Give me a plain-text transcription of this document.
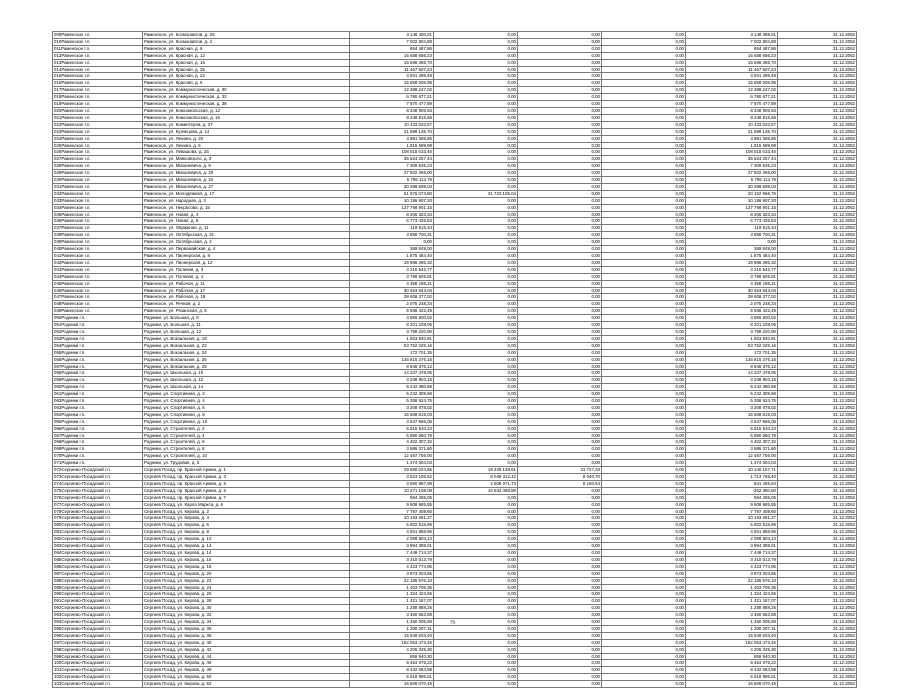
009Раменское г.п.	Раменское, ул. Космонавтов, д. 29	3 148 400,01	0,00	0,00	0,00	3 148 399,01	31.12.2052
010Раменское г.п.	Раменское, ул. Космонавтов, д. 2	7 002 804,88	0,00	0,00	0,00	7 002 804,88	31.12.2052
011Раменское г.п.	Раменское, ул. Красная, д. 6	854 487,86	0,00	0,00	0,00	854 487,86	31.12.2052
012Раменское г.п.	Раменское, ул. Красная, д. 12	16 658 656,23	0,00	0,00	0,00	16 658 656,23	31.12.2052
013Раменское г.п.	Раменское, ул. Красная, д. 16	15 698 365,70	0,00	0,00	0,00	15 698 365,70	31.12.2052
014Раменское г.п.	Раменское, ул. Красная, д. 26	11 467 607,23	0,00	0,00	0,00	11 467 607,23	31.12.2052
015Раменское г.п.	Раменское, ул. Красная, д. 22	3 931 288,48	0,00	0,00	0,00	3 931 288,48	31.12.2052
016Раменское г.п.	Раменское, ул. Красная, д. 6	15 858 006,99	0,00	0,00	0,00	15 858 006,99	31.12.2052
017Раменское г.п.	Раменское, ул. Коммунистическая, д. 30	12 388 247,02	0,00	0,00	0,00	12 388 247,02	31.12.2052
018Раменское г.п.	Раменское, ул. Коммунистическая, д. 32	6 780 677,21	0,00	0,00	0,00	6 780 677,21	31.12.2052
019Раменское г.п.	Раменское, ул. Коммунистическая, д. 38	7 870 477,89	0,00	0,00	0,00	7 870 477,89	31.12.2052
020Раменское г.п.	Раменское, ул. Комсомольская, д. 12	8 348 905,63	0,00	0,00	0,00	8 348 905,63	31.12.2052
021Раменское г.п.	Раменское, ул. Комсомольская, д. 16	9 248 915,66	0,00	0,00	0,00	9 248 915,66	31.12.2052
022Раменское г.п.	Раменское, ул. Коминтерна, д. 27	10 433 833,57	0,00	0,00	0,00	10 433 833,57	31.12.2052
023Раменское г.п.	Раменское, ул. Кузнецова, д. 14	21 588 135,70	0,00	0,00	0,00	21 588 135,70	31.12.2052
024Раменское г.п.	Раменское, ул. Ленина, д. 20	3 981 085,86	0,00	0,00	0,00	3 981 085,86	31.12.2052
025Раменское г.п.	Раменское, ул. Ленина, д. 5	1 815 599,99	0,00	0,00	0,00	1 815 599,99	31.12.2052
026Раменское г.п.	Раменское, ул. Левашова, д. 25	108 015 033,45	0,00	0,00	0,00	108 015 033,45	31.12.2052
027Раменское г.п.	Раменское, ул. Маяковского, д. 3	35 524 257,44	0,00	0,00	0,00	35 524 257,44	31.12.2052
028Раменское г.п.	Раменское, ул. Михалевича, д. 8	7 309 535,23	0,00	0,00	0,00	7 309 535,23	31.12.2052
029Раменское г.п.	Раменское, ул. Михалевича, д. 20	27 602 365,00	0,00	0,00	0,00	27 602 365,00	31.12.2052
030Раменское г.п.	Раменское, ул. Михалевича, д. 24	5 795 113,78	0,00	0,00	0,00	5 795 113,78	31.12.2052
031Раменское г.п.	Раменское, ул. Михалевича, д. 27	30 398 599,03	0,00	0,00	0,00	30 398 599,03	31.12.2052
032Раменское г.п.	Раменское, ул. Молодёжная, д. 17	51 876 073,80	31 723 105,04	0,00	0,00	20 152 968,76	31.12.2052
033Раменское г.п.	Раменское, ул. Народная, д. 3	10 186 907,20	0,00	0,00	0,00	10 186 907,20	31.12.2052
034Раменское г.п.	Раменское, ул. Некрасова, д. 15	127 798 901,15	0,00	0,00	0,00	127 798 901,15	31.12.2052
035Раменское г.п.	Раменское, ул. Новая, д. 4	8 206 323,34	0,00	0,00	0,00	8 206 323,34	31.12.2052
036Раменское г.п.	Раменское, ул. Новая, д. 6	6 773 439,53	0,00	0,00	0,00	6 773 439,53	31.12.2052
037Раменское г.п.	Раменское, ул. Овражная, д. 11	119 515,34	0,00	0,00	0,00	119 515,34	31.12.2052
038Раменское г.п.	Раменское, ул. Октябрьская, д. 21	3 858 700,31	0,00	0,00	0,00	3 858 700,31	31.12.2052
039Раменское г.п.	Раменское, ул. Октябрьская, д. 2	0,00	0,00	0,00	0,00	0,00	31.12.2052
040Раменское г.п.	Раменское, ул. Первомайская, д. 4	369 848,00	0,00	0,00	0,00	369 848,00	31.12.2052
041Раменское г.п.	Раменское, ул. Пионерская, д. 8	1 875 484,40	0,00	0,00	0,00	1 875 484,40	31.12.2052
042Раменское г.п.	Раменское, ул. Пионерская, д. 12	19 988 395,32	0,00	0,00	0,00	19 988 395,32	31.12.2052
043Раменское г.п.	Раменское, ул. Полевая, д. 3	3 210 542,77	0,00	0,00	0,00	3 210 542,77	31.12.2052
044Раменское г.п.	Раменское, ул. Полевая, д. 4	3 799 925,91	0,00	0,00	0,00	3 799 925,91	31.12.2052
045Раменское г.п.	Раменское, ул. Рабочая, д. 11	4 358 198,21	0,00	0,00	0,00	4 358 198,21	31.12.2052
046Раменское г.п.	Раменское, ул. Рабочая, д. 17	30 463 843,04	0,00	0,00	0,00	30 463 843,04	31.12.2052
047Раменское г.п.	Раменское, ул. Рабочая, д. 18	28 608 377,02	0,00	0,00	0,00	28 608 377,02	31.12.2052
048Раменское г.п.	Раменское, ул. Речная, д. 2	2 075 248,34	0,00	0,00	0,00	2 075 248,34	31.12.2052
049Раменское г.п.	Раменское, ул. Рязанская, д. 8	5 935 423,49	0,00	0,00	0,00	5 935 423,49	31.12.2052
050Родники г.п.	Родники, ул. Большая, д. 8	3 865 600,02	0,00	0,00	0,00	3 865 600,02	31.12.2052
051Родники г.п.	Родники, ул. Большая, д. 11	8 201 228,06	0,00	0,00	0,00	8 201 228,06	31.12.2052
052Родники г.п.	Родники, ул. Большая, д. 12	3 798 220,90	0,00	0,00	0,00	3 798 220,90	31.12.2052
053Родники г.п.	Родники, ул. Вокзальная, д. 18	1 823 840,91	0,00	0,00	0,00	1 823 840,91	31.12.2052
054Родники г.п.	Родники, ул. Вокзальная, д. 22	53 752 325,16	0,00	0,00	0,00	53 752 325,16	31.12.2052
055Родники г.п.	Родники, ул. Вокзальная, д. 24	172 701,35	0,00	0,00	0,00	172 701,35	31.12.2052
056Родники г.п.	Родники, ул. Вокзальная, д. 26	145 815 376,15	0,00	0,00	0,00	145 815 376,15	31.12.2052
057Родники г.п.	Родники, ул. Вокзальная, д. 28	8 846 376,12	0,00	0,00	0,00	8 846 376,12	31.12.2052
058Родники г.п.	Родники, ул. Школьная, д. 10	14 337 478,05	0,00	0,00	0,00	14 337 478,05	31.12.2052
059Родники г.п.	Родники, ул. Школьная, д. 12	3 239 803,18	0,00	0,00	0,00	3 239 803,18	31.12.2052
060Родники г.п.	Родники, ул. Школьная, д. 14	5 242 380,88	0,00	0,00	0,00	5 242 380,88	31.12.2052
061Родники г.п.	Родники, ул. Спортивная, д. 2	5 242 309,98	0,00	0,00	0,00	5 242 309,98	31.12.2052
062Родники г.п.	Родники, ул. Спортивная, д. 4	5 358 624,75	0,00	0,00	0,00	5 358 624,75	31.12.2052
063Родники г.п.	Родники, ул. Спортивная, д. 6	3 208 078,02	0,00	0,00	0,00	3 208 078,02	31.12.2052
064Родники г.п.	Родники, ул. Спортивная, д. 8	16 608 819,03	0,00	0,00	0,00	16 608 819,03	31.12.2052
065Родники г.п.	Родники, ул. Спортивная, д. 10	3 547 686,05	0,00	0,00	0,00	3 547 686,05	31.12.2052
066Родники г.п.	Родники, ул. Строителей, д. 2	5 815 910,23	0,00	0,00	0,00	5 815 910,23	31.12.2052
067Родники г.п.	Родники, ул. Строителей, д. 4	5 980 550,79	0,00	0,00	0,00	5 980 550,79	31.12.2052
068Родники г.п.	Родники, ул. Строителей, д. 6	4 402 307,32	0,00	0,00	0,00	4 402 307,32	31.12.2052
069Родники г.п.	Родники, ул. Строителей, д. 8	3 586 371,60	0,00	0,00	0,00	3 586 371,60	31.12.2052
070Родники г.п.	Родники, ул. Строителей, д. 10	12 487 756,00	0,00	0,00	0,00	12 487 756,00	31.12.2052
071Родники г.п.	Родники, ул. Трудовая, д. 5	1 374 004,03	0,00	0,00	0,00	1 374 004,03	31.12.2052
072Сергиево-Посадский г.п.	Сергиев Посад, пр. Красной Армии, д. 1	29 580 024,65	19 428 139,61	11 727,33	0,00	10 140 157,71	31.12.2052
073Сергиево-Посадский г.п.	Сергиев Посад, пр. Красной Армии, д. 3	3 823 106,52	8 049 312,42	8 040,70	0,00	1 713 765,40	31.12.2052
074Сергиево-Посадский г.п.	Сергиев Посад, пр. Красной Армии, д. 5	3 850 987,98	2 508 071,73	8 160,54	0,00	841 465,84	31.12.2052
075Сергиево-Посадский г.п.	Сергиев Посад, пр. Красной Армии, д. 6	10 271 108,08	10 533 498,88	0,00	0,00	-262 390,80	31.12.2052
076Сергиево-Посадский г.п.	Сергиев Посад, пр. Красной Армии, д. 7	584 495,05	0,00	0,00	0,00	584 495,05	31.12.2052
077Сергиево-Посадский г.п.	Сергиев Посад, ул. Карла Маркса, д. 6	9 608 865,55	0,00	0,00	0,00	9 608 865,55	31.12.2052
078Сергиево-Посадский г.п.	Сергиев Посад, ул. Кирова, д. 2	7 797 409,60	0,00	0,00	0,00	7 797 409,60	31.12.2052
079Сергиево-Посадский г.п.	Сергиев Посад, ул. Кирова, д. 4	10 183 381,27	0,00	0,00	0,00	10 183 381,27	31.12.2052
080Сергиево-Посадский г.п.	Сергиев Посад, ул. Кирова, д. 6	5 802 515,96	0,00	0,00	0,00	5 802 515,96	31.12.2052
081Сергиево-Посадский г.п.	Сергиев Посад, ул. Кирова, д. 8	4 831 858,96	0,00	0,00	0,00	4 831 858,96	31.12.2052
082Сергиево-Посадский г.п.	Сергиев Посад, ул. Кирова, д. 10	2 059 803,13	0,00	0,00	0,00	2 059 803,13	31.12.2052
083Сергиево-Посадский г.п.	Сергиев Посад, ул. Кирова, д. 12	3 894 398,01	0,00	0,00	0,00	3 894 398,01	31.12.2052
084Сергиево-Посадский г.п.	Сергиев Посад, ул. Кирова, д. 14	7 449 714,37	0,00	0,00	0,00	7 449 714,37	31.12.2052
085Сергиево-Посадский г.п.	Сергиев Посад, ул. Кирова, д. 16	3 310 013,79	0,00	0,00	0,00	3 310 013,79	31.12.2052
086Сергиево-Посадский г.п.	Сергиев Посад, ул. Кирова, д. 18	4 423 774,96	0,00	0,00	0,00	4 423 774,96	31.12.2052
087Сергиево-Посадский г.п.	Сергиев Посад, ул. Кирова, д. 20	3 973 003,86	0,00	0,00	0,00	3 973 003,86	31.12.2052
088Сергиево-Посадский г.п.	Сергиев Посад, ул. Кирова, д. 22	22 185 976,10	0,00	0,00	0,00	22 185 976,10	31.12.2052
089Сергиево-Посадский г.п.	Сергиев Посад, ул. Кирова, д. 24	1 403 706,35	0,00	0,00	0,00	1 403 706,35	31.12.2052
090Сергиево-Посадский г.п.	Сергиев Посад, ул. Кирова, д. 26	1 324 423,65	0,00	0,00	0,00	1 324 423,65	31.12.2052
091Сергиево-Посадский г.п.	Сергиев Посад, ул. Кирова, д. 28	1 421 187,07	0,00	0,00	0,00	1 421 187,07	31.12.2052
092Сергиево-Посадский г.п.	Сергиев Посад, ул. Кирова, д. 30	1 288 888,25	0,00	0,00	0,00	1 288 888,25	31.12.2052
093Сергиево-Посадский г.п.	Сергиев Посад, ул. Кирова, д. 32	3 460 553,88	0,00	0,00	0,00	3 460 553,88	31.12.2052
094Сергиево-Посадский г.п.	Сергиев Посад, ул. Кирова, д. 34	1 450 005,88	0,00	0,00	0,00	1 450 005,88	31.12.2052
095Сергиево-Посадский г.п.	Сергиев Посад, ул. Кирова, д. 36	1 308 207,31	0,00	0,00	0,00	1 308 207,31	31.12.2052
096Сергиево-Посадский г.п.	Сергиев Посад, ул. Кирова, д. 38	15 849 933,40	0,00	0,00	0,00	15 849 933,40	31.12.2052
097Сергиево-Посадский г.п.	Сергиев Посад, ул. Кирова, д. 40	152 053 473,45	0,00	0,00	0,00	152 053 473,45	31.12.2052
098Сергиево-Посадский г.п.	Сергиев Посад, ул. Кирова, д. 42	4 206 345,30	0,00	0,00	0,00	4 206 345,30	31.12.2052
099Сергиево-Посадский г.п.	Сергиев Посад, ул. Кирова, д. 44	859 940,30	0,00	0,00	0,00	859 940,30	31.12.2052
100Сергиево-Посадский г.п.	Сергиев Посад, ул. Кирова, д. 46	9 463 075,22	0,00	0,00	0,00	9 463 075,22	31.12.2052
101Сергиево-Посадский г.п.	Сергиев Посад, ул. Кирова, д. 48	8 432 084,98	0,00	0,00	0,00	8 432 084,98	31.12.2052
102Сергиево-Посадский г.п.	Сергиев Посад, ул. Кирова, д. 50	5 618 895,61	0,00	0,00	0,00	5 618 895,61	31.12.2052
103Сергиево-Посадский г.п.	Сергиев Посад, ул. Кирова, д. 52	16 608 070,45	0,00	0,00	0,00	16 608 070,45	31.12.2052
79
